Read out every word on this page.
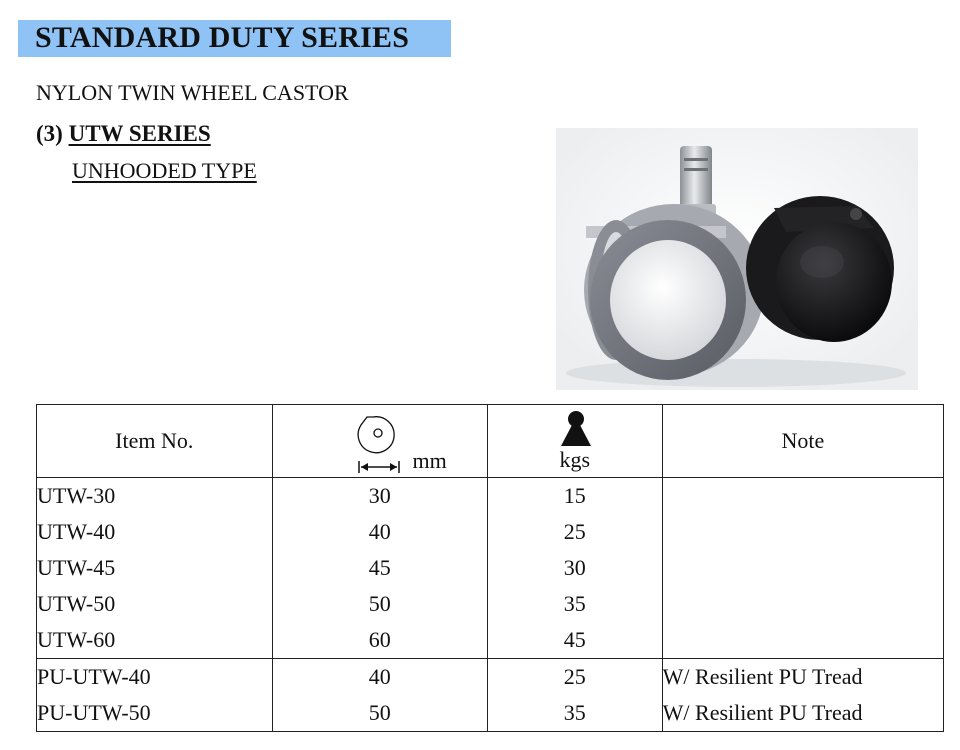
STANDARD DUTY SERIES
NYLON TWIN WHEEL CASTOR
(3) UTW SERIES
UNHOODED TYPE
Item No.	mm	kgs	Note
UTW-30	30	15	
UTW-40	40	25	
UTW-45	45	30	
UTW-50	50	35	
UTW-60	60	45	
PU-UTW-40	40	25	W/ Resilient PU Tread
PU-UTW-50	50	35	W/ Resilient PU Tread
